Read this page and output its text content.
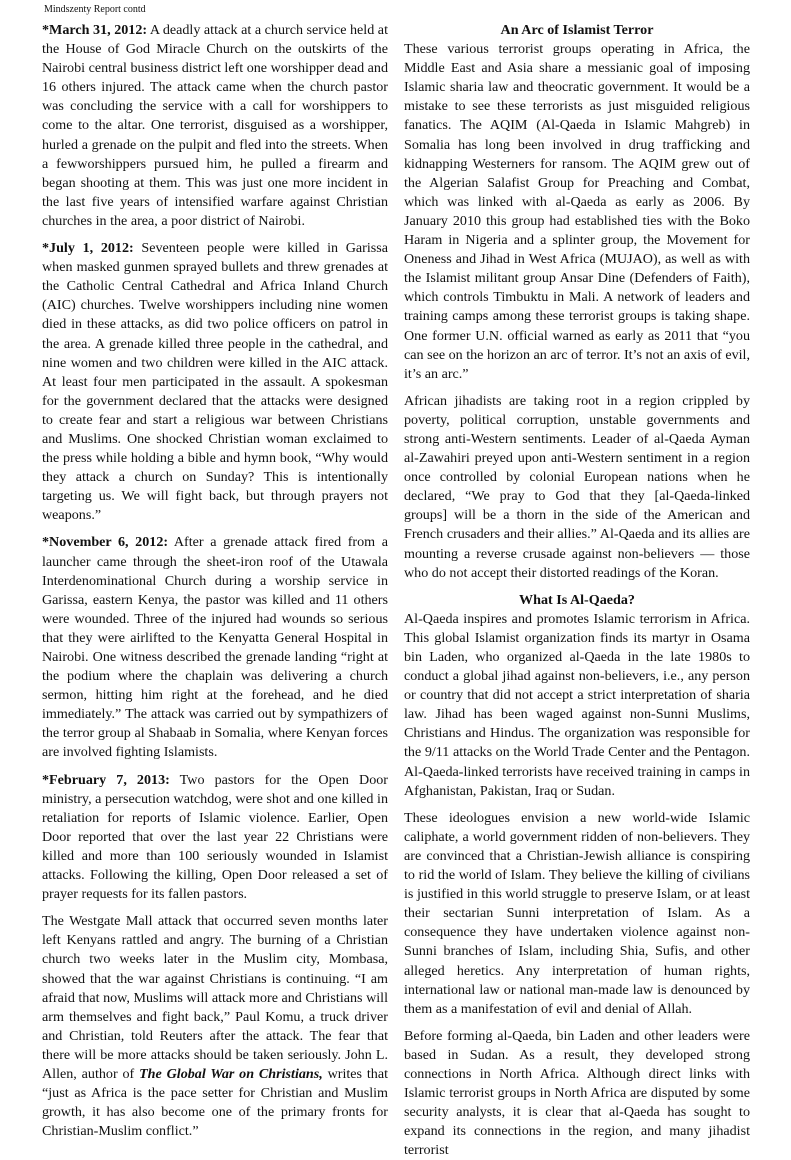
Mindszenty Report contd

*March 31, 2012: A deadly attack at a church service held at the House of God Miracle Church on the outskirts of the Nairobi central business district left one worshipper dead and 16 others injured. The attack came when the church pastor was concluding the service with a call for worshippers to come to the altar. One terrorist, disguised as a worshipper, hurled a grenade on the pulpit and fled into the streets. When a fewworshippers pursued him, he pulled a firearm and began shooting at them. This was just one more incident in the last five years of intensified warfare against Christian churches in the area, a poor district of Nairobi.

*July 1, 2012: Seventeen people were killed in Garissa when masked gunmen sprayed bullets and threw grenades at the Catholic Central Cathedral and Africa Inland Church (AIC) churches. Twelve worshippers including nine women died in these attacks, as did two police officers on patrol in the area. A grenade killed three people in the cathedral, and nine women and two children were killed in the AIC attack. At least four men participated in the assault. A spokesman for the government declared that the attacks were designed to create fear and start a religious war between Christians and Muslims. One shocked Christian woman exclaimed to the press while holding a bible and hymn book, “Why would they attack a church on Sunday? This is intentionally targeting us. We will fight back, but through prayers not weapons.”

*November 6, 2012: After a grenade attack fired from a launcher came through the sheet-iron roof of the Utawala Interdenominational Church during a worship service in Garissa, eastern Kenya, the pastor was killed and 11 others were wounded. Three of the injured had wounds so serious that they were airlifted to the Kenyatta General Hospital in Nairobi. One witness described the grenade landing “right at the podium where the chaplain was delivering a church sermon, hitting him right at the forehead, and he died immediately.” The attack was carried out by sympathizers of the terror group al Shabaab in Somalia, where Kenyan forces are involved fighting Islamists.

*February 7, 2013: Two pastors for the Open Door ministry, a persecution watchdog, were shot and one killed in retaliation for reports of Islamic violence. Earlier, Open Door reported that over the last year 22 Christians were killed and more than 100 seriously wounded in Islamist attacks. Following the killing, Open Door released a set of prayer requests for its fallen pastors.

The Westgate Mall attack that occurred seven months later left Kenyans rattled and angry. The burning of a Christian church two weeks later in the Muslim city, Mombasa, showed that the war against Christians is continuing. “I am afraid that now, Muslims will attack more and Christians will arm themselves and fight back,” Paul Komu, a truck driver and Christian, told Reuters after the attack. The fear that there will be more attacks should be taken seriously. John L. Allen, author of The Global War on Christians, writes that “just as Africa is the pace setter for Christian and Muslim growth, it has also become one of the primary fronts for Christian-Muslim conflict.”

An Arc of Islamist Terror

These various terrorist groups operating in Africa, the Middle East and Asia share a messianic goal of imposing Islamic sharia law and theocratic government. It would be a mistake to see these terrorists as just misguided religious fanatics. The AQIM (Al-Qaeda in Islamic Mahgreb) in Somalia has long been involved in drug trafficking and kidnapping Westerners for ransom. The AQIM grew out of the Algerian Salafist Group for Preaching and Combat, which was linked with al-Qaeda as early as 2006. By January 2010 this group had established ties with the Boko Haram in Nigeria and a splinter group, the Movement for Oneness and Jihad in West Africa (MUJAO), as well as with the Islamist militant group Ansar Dine (Defenders of Faith), which controls Timbuktu in Mali. A network of leaders and training camps among these terrorist groups is taking shape. One former U.N. official warned as early as 2011 that “you can see on the horizon an arc of terror. It’s not an axis of evil, it’s an arc.”

African jihadists are taking root in a region crippled by poverty, political corruption, unstable governments and strong anti-Western sentiments. Leader of al-Qaeda Ayman al-Zawahiri preyed upon anti-Western sentiment in a region once controlled by colonial European nations when he declared, “We pray to God that they [al-Qaeda-linked groups] will be a thorn in the side of the American and French crusaders and their allies.” Al-Qaeda and its allies are mounting a reverse crusade against non-believers — those who do not accept their distorted readings of the Koran.

What Is Al-Qaeda?

Al-Qaeda inspires and promotes Islamic terrorism in Africa. This global Islamist organization finds its martyr in Osama bin Laden, who organized al-Qaeda in the late 1980s to conduct a global jihad against non-believers, i.e., any person or country that did not accept a strict interpretation of sharia law. Jihad has been waged against non-Sunni Muslims, Christians and Hindus. The organization was responsible for the 9/11 attacks on the World Trade Center and the Pentagon. Al-Qaeda-linked terrorists have received training in camps in Afghanistan, Pakistan, Iraq or Sudan.

These ideologues envision a new world-wide Islamic caliphate, a world government ridden of non-believers. They are convinced that a Christian-Jewish alliance is conspiring to rid the world of Islam. They believe the killing of civilians is justified in this world struggle to preserve Islam, or at least their sectarian Sunni interpretation of Islam. As a consequence they have undertaken violence against non-Sunni branches of Islam, including Shia, Sufis, and other alleged heretics. Any interpretation of human rights, international law or national man-made law is denounced by them as a manifestation of evil and denial of Allah.

Before forming al-Qaeda, bin Laden and other leaders were based in Sudan. As a result, they developed strong connections in North Africa. Although direct links with Islamic terrorist groups in North Africa are disputed by some security analysts, it is clear that al-Qaeda has sought to expand its connections in the region, and many jihadist terrorist
